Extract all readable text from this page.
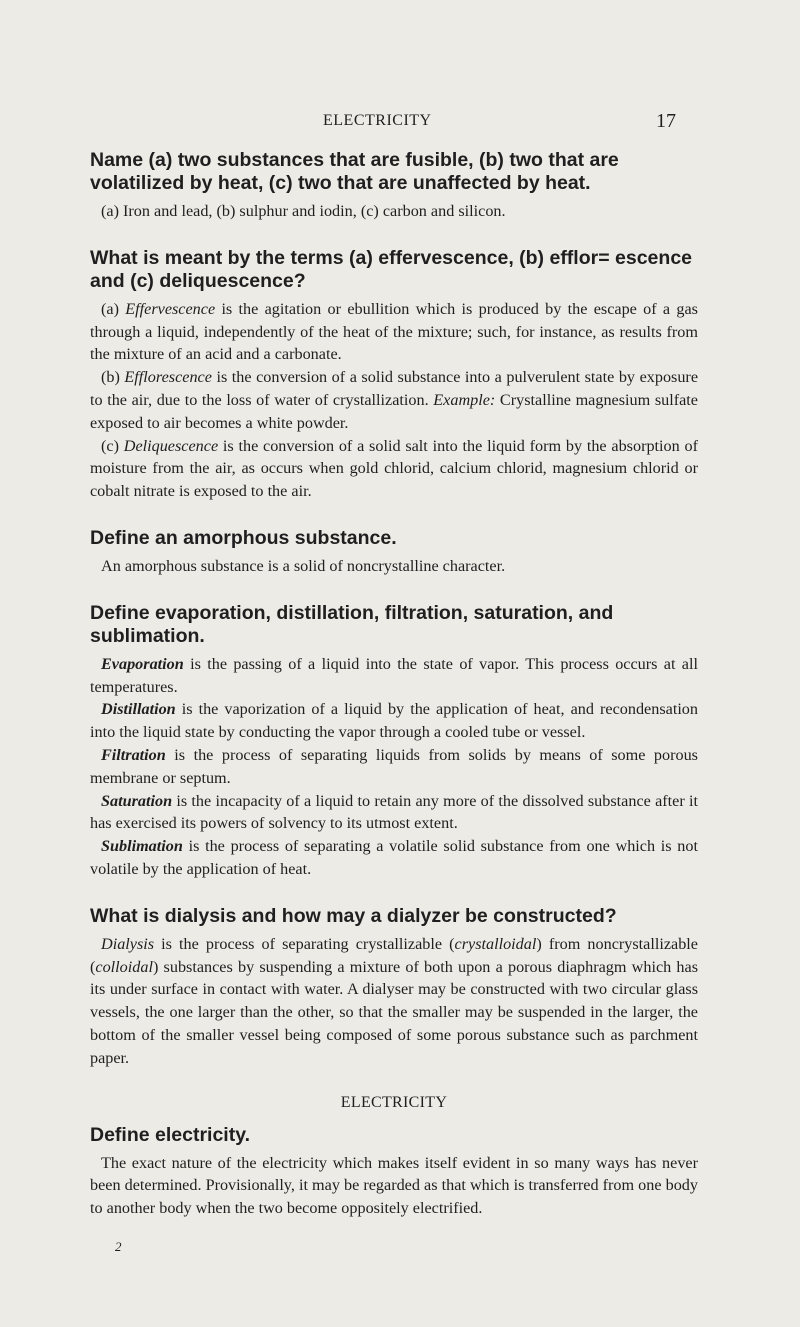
ELECTRICITY	17

Name (a) two substances that are fusible, (b) two that are volatilized by heat, (c) two that are unaffected by heat.

(a) Iron and lead, (b) sulphur and iodin, (c) carbon and silicon.

What is meant by the terms (a) effervescence, (b) efflor= escence and (c) deliquescence?

(a) Effervescence is the agitation or ebullition which is produced by the escape of a gas through a liquid, independently of the heat of the mixture; such, for instance, as results from the mixture of an acid and a carbonate.

(b) Efflorescence is the conversion of a solid substance into a pulverulent state by exposure to the air, due to the loss of water of crystallization. Example: Crystalline magnesium sulfate exposed to air becomes a white powder.

(c) Deliquescence is the conversion of a solid salt into the liquid form by the absorption of moisture from the air, as occurs when gold chlorid, calcium chlorid, magnesium chlorid or cobalt nitrate is exposed to the air.

Define an amorphous substance.

An amorphous substance is a solid of noncrystalline character.

Define evaporation, distillation, filtration, saturation, and sublimation.

Evaporation is the passing of a liquid into the state of vapor. This process occurs at all temperatures.

Distillation is the vaporization of a liquid by the application of heat, and recondensation into the liquid state by conducting the vapor through a cooled tube or vessel.

Filtration is the process of separating liquids from solids by means of some porous membrane or septum.

Saturation is the incapacity of a liquid to retain any more of the dissolved substance after it has exercised its powers of solvency to its utmost extent.

Sublimation is the process of separating a volatile solid substance from one which is not volatile by the application of heat.

What is dialysis and how may a dialyzer be constructed?

Dialysis is the process of separating crystallizable (crystalloidal) from noncrystallizable (colloidal) substances by suspending a mixture of both upon a porous diaphragm which has its under surface in contact with water. A dialyser may be constructed with two circular glass vessels, the one larger than the other, so that the smaller may be suspended in the larger, the bottom of the smaller vessel being composed of some porous substance such as parchment paper.

ELECTRICITY

Define electricity.

The exact nature of the electricity which makes itself evident in so many ways has never been determined. Provisionally, it may be regarded as that which is transferred from one body to another body when the two become oppositely electrified.

2
